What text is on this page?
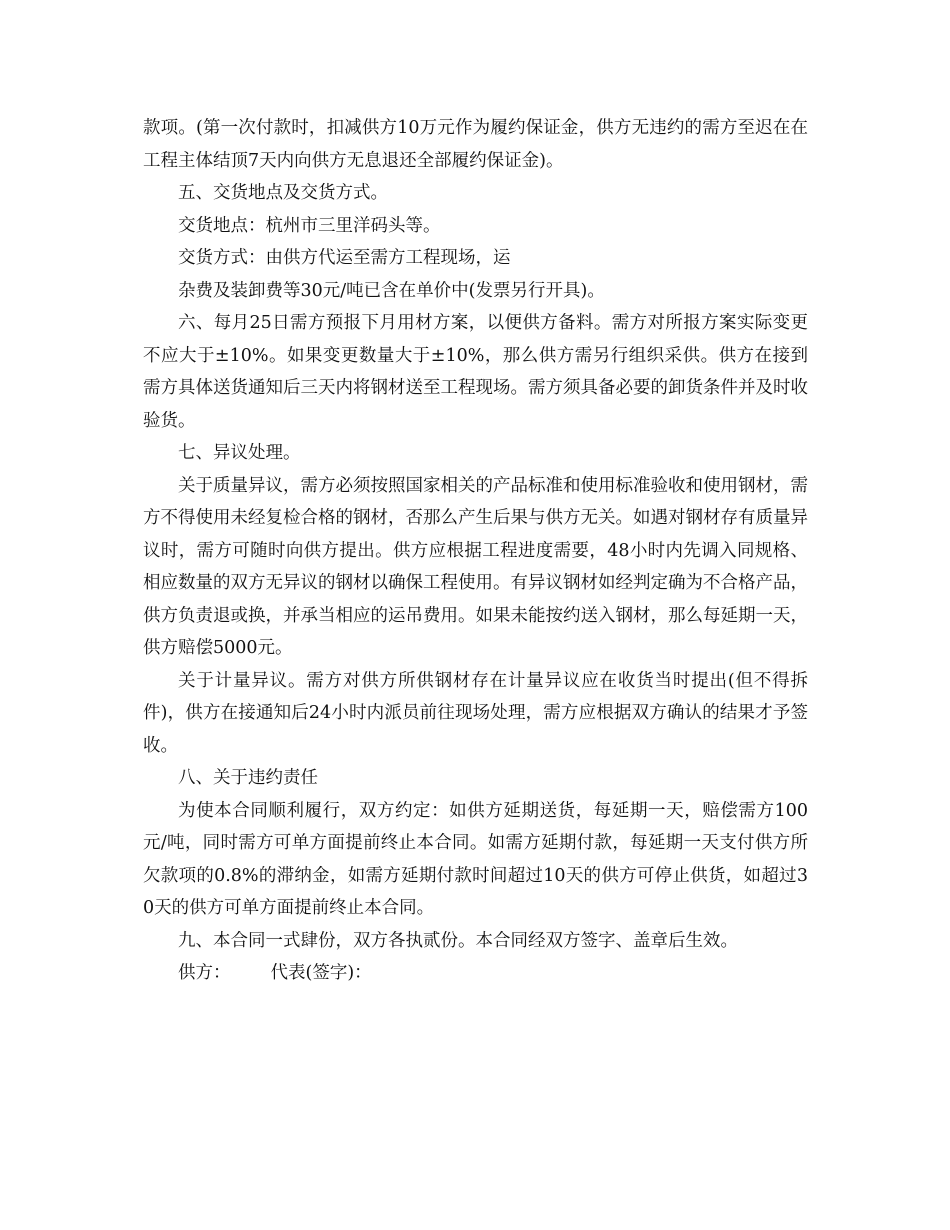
款项。(第一次付款时，扣减供方10万元作为履约保证金，供方无违约的需方至迟在在工程主体结顶7天内向供方无息退还全部履约保证金)。

五、交货地点及交货方式。

交货地点：杭州市三里洋码头等。

交货方式：由供方代运至需方工程现场，运

杂费及装卸费等30元/吨已含在单价中(发票另行开具)。

六、每月25日需方预报下月用材方案，以便供方备料。需方对所报方案实际变更不应大于±10%。如果变更数量大于±10%，那么供方需另行组织采供。供方在接到需方具体送货通知后三天内将钢材送至工程现场。需方须具备必要的卸货条件并及时收验货。

七、异议处理。

关于质量异议，需方必须按照国家相关的产品标准和使用标准验收和使用钢材，需方不得使用未经复检合格的钢材，否那么产生后果与供方无关。如遇对钢材存有质量异议时，需方可随时向供方提出。供方应根据工程进度需要，48小时内先调入同规格、相应数量的双方无异议的钢材以确保工程使用。有异议钢材如经判定确为不合格产品，供方负责退或换，并承当相应的运吊费用。如果未能按约送入钢材，那么每延期一天，供方赔偿5000元。

关于计量异议。需方对供方所供钢材存在计量异议应在收货当时提出(但不得拆件)，供方在接通知后24小时内派员前往现场处理，需方应根据双方确认的结果才予签收。

八、关于违约责任

为使本合同顺利履行，双方约定：如供方延期送货，每延期一天，赔偿需方100元/吨，同时需方可单方面提前终止本合同。如需方延期付款，每延期一天支付供方所欠款项的0.8%的滞纳金，如需方延期付款时间超过10天的供方可停止供货，如超过30天的供方可单方面提前终止本合同。

九、本合同一式肆份，双方各执贰份。本合同经双方签字、盖章后生效。

供方： 代表(签字)：
